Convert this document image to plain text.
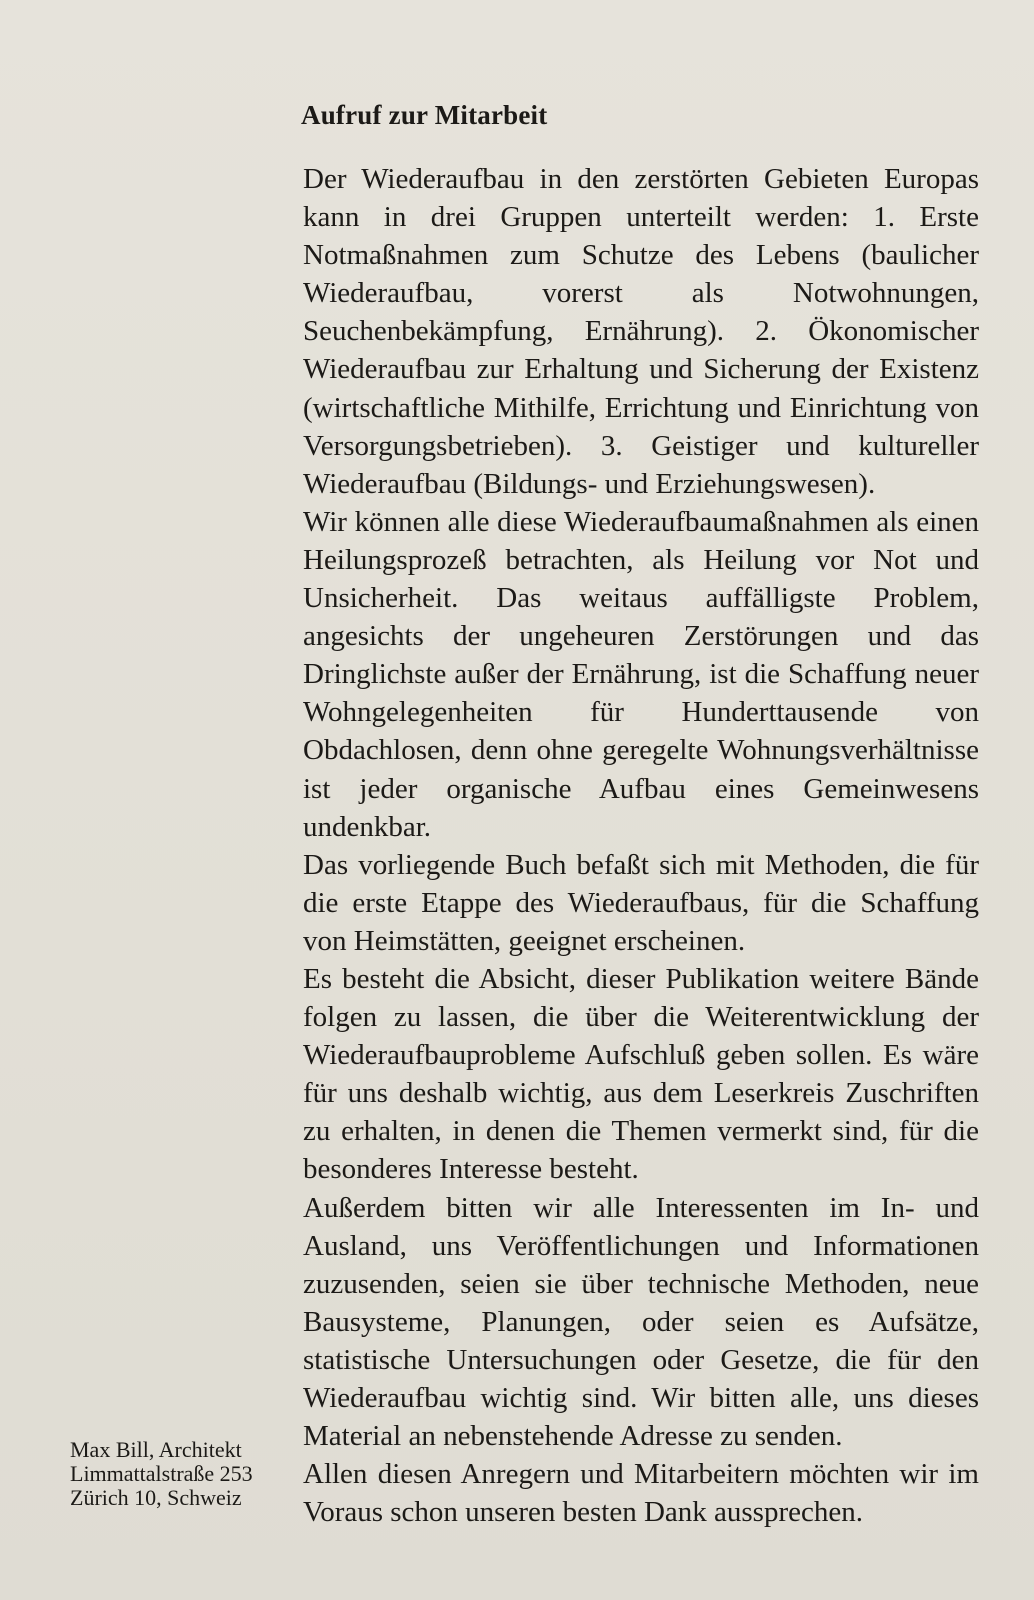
Aufruf zur Mitarbeit

Der Wiederaufbau in den zerstörten Gebieten Europas kann in drei Gruppen unterteilt werden: 1. Erste Notmaßnahmen zum Schutze des Lebens (baulicher Wiederaufbau, vorerst als Notwohnungen, Seuchenbekämpfung, Ernährung). 2. Ökonomischer Wiederaufbau zur Erhaltung und Sicherung der Existenz (wirtschaftliche Mithilfe, Errichtung und Einrichtung von Versorgungsbetrieben). 3. Geistiger und kultureller Wiederaufbau (Bildungs- und Erziehungswesen).

Wir können alle diese Wiederaufbaumaßnahmen als einen Heilungsprozeß betrachten, als Heilung vor Not und Unsicherheit. Das weitaus auffälligste Problem, angesichts der ungeheuren Zerstörungen und das Dringlichste außer der Ernährung, ist die Schaffung neuer Wohngelegenheiten für Hunderttausende von Obdachlosen, denn ohne geregelte Wohnungsverhältnisse ist jeder organische Aufbau eines Gemeinwesens undenkbar.

Das vorliegende Buch befaßt sich mit Methoden, die für die erste Etappe des Wiederaufbaus, für die Schaffung von Heimstätten, geeignet erscheinen.

Es besteht die Absicht, dieser Publikation weitere Bände folgen zu lassen, die über die Weiterentwicklung der Wiederaufbauprobleme Aufschluß geben sollen. Es wäre für uns deshalb wichtig, aus dem Leserkreis Zuschriften zu erhalten, in denen die Themen vermerkt sind, für die besonderes Interesse besteht.

Außerdem bitten wir alle Interessenten im In- und Ausland, uns Veröffentlichungen und Informationen zuzusenden, seien sie über technische Methoden, neue Bausysteme, Planungen, oder seien es Aufsätze, statistische Untersuchungen oder Gesetze, die für den Wiederaufbau wichtig sind. Wir bitten alle, uns dieses Material an nebenstehende Adresse zu senden.

Allen diesen Anregern und Mitarbeitern möchten wir im Voraus schon unseren besten Dank aussprechen.

Max Bill, Architekt
Limmattalstraße 253
Zürich 10, Schweiz
